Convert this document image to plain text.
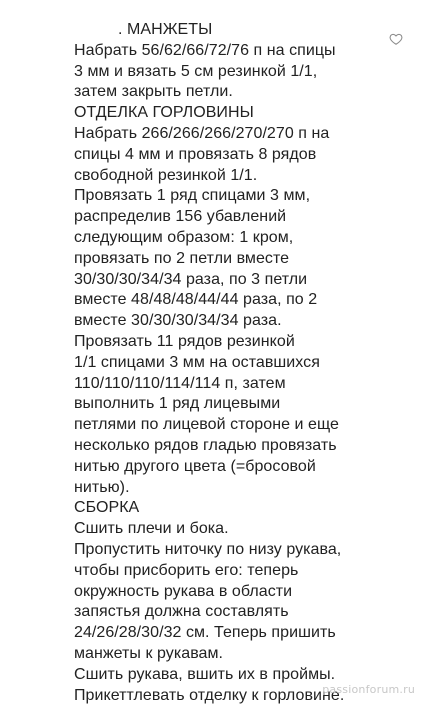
. МАНЖЕТЫ
Набрать 56/62/66/72/76 п на спицы
3 мм и вязать 5 см резинкой 1/1,
затем закрыть петли.
ОТДЕЛКА ГОРЛОВИНЫ
Набрать 266/266/266/270/270 п на
спицы 4 мм и провязать 8 рядов
свободной резинкой 1/1.
Провязать 1 ряд спицами 3 мм,
распределив 156 убавлений
следующим образом: 1 кром,
провязать по 2 петли вместе
30/30/30/34/34 раза, по 3 петли
вместе 48/48/48/44/44 раза, по 2
вместе 30/30/30/34/34 раза.
Провязать 11 рядов резинкой
1/1 спицами 3 мм на оставшихся
110/110/110/114/114 п, затем
выполнить 1 ряд лицевыми
петлями по лицевой стороне и еще
несколько рядов гладью провязать
нитью другого цвета (=бросовой
нитью).
СБОРКА
Сшить плечи и бока.
Пропустить ниточку по низу рукава,
чтобы присборить его: теперь
окружность рукава в области
запястья должна составлять
24/26/28/30/32 см. Теперь пришить
манжеты к рукавам.
Сшить рукава, вшить их в проймы.
Прикеттлевать отделку к горловине.
passionforum.ru
